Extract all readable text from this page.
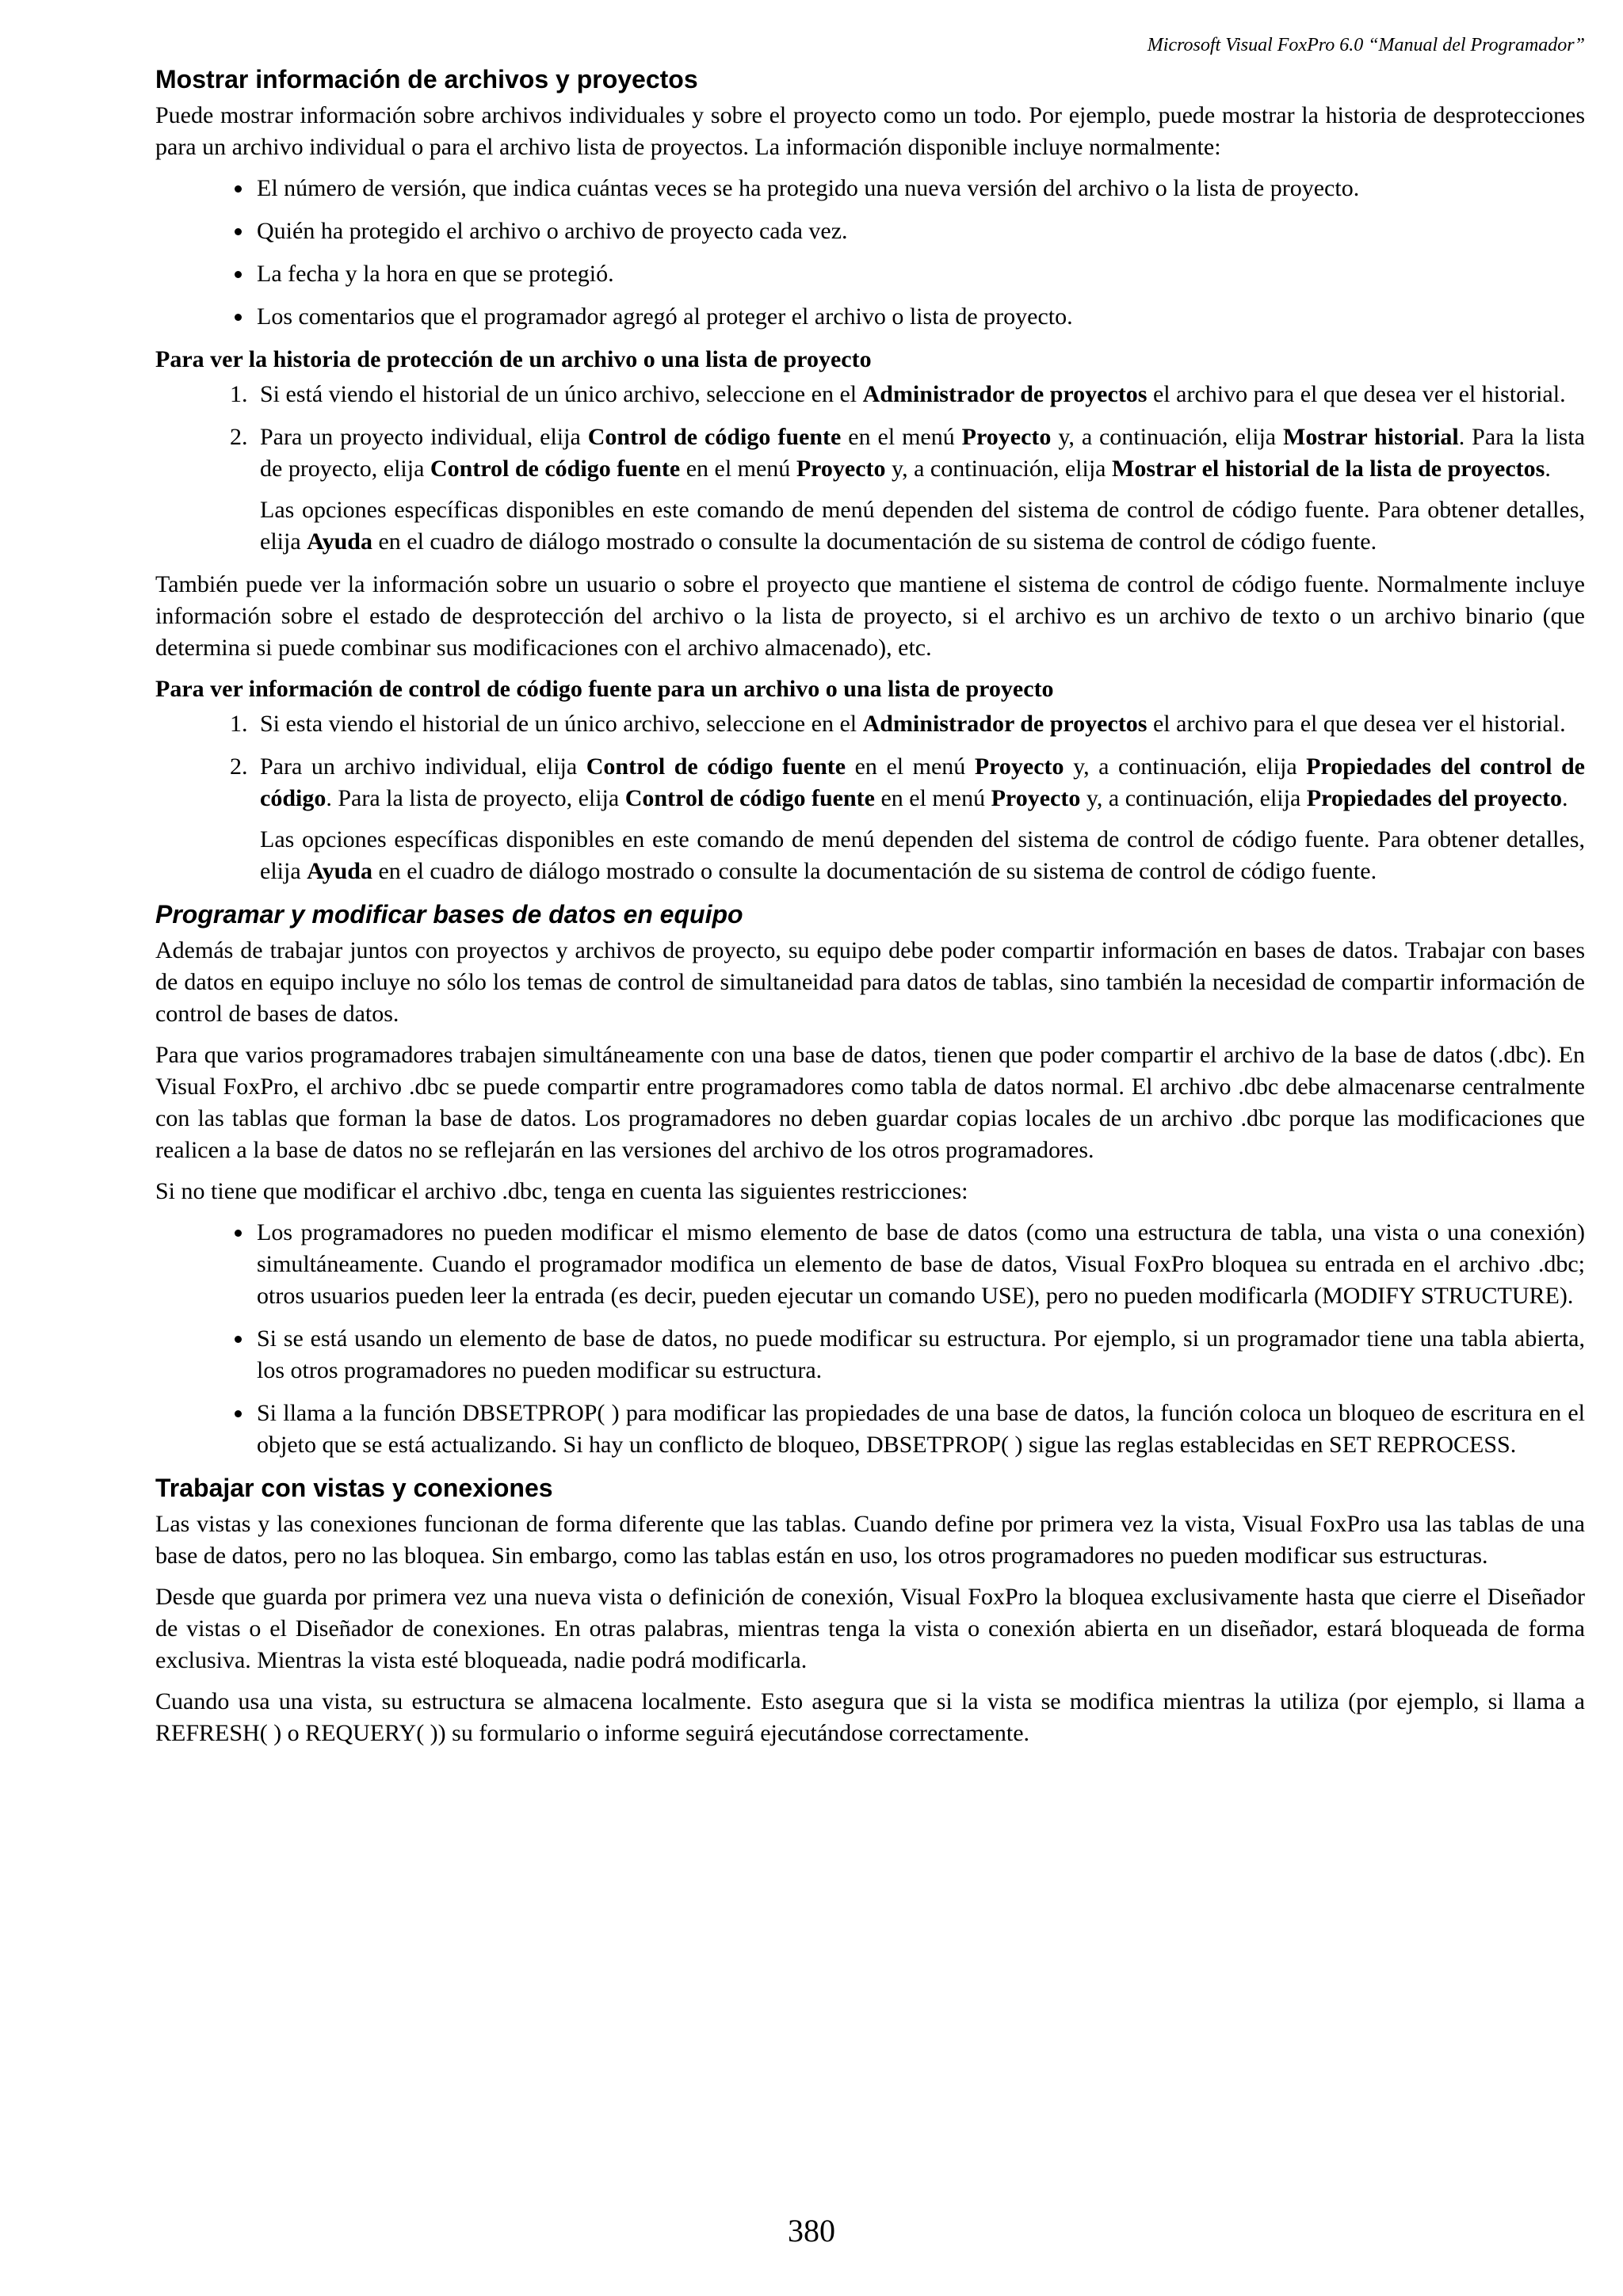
Microsoft Visual FoxPro 6.0 “Manual del Programador”
Mostrar información de archivos y proyectos

Puede mostrar información sobre archivos individuales y sobre el proyecto como un todo. Por ejemplo, puede mostrar la historia de desprotecciones para un archivo individual o para el archivo lista de proyectos. La información disponible incluye normalmente:

• El número de versión, que indica cuántas veces se ha protegido una nueva versión del archivo o la lista de proyecto.
• Quién ha protegido el archivo o archivo de proyecto cada vez.
• La fecha y la hora en que se protegió.
• Los comentarios que el programador agregó al proteger el archivo o lista de proyecto.
Para ver la historia de protección de un archivo o una lista de proyecto
1. Si está viendo el historial de un único archivo, seleccione en el Administrador de proyectos el archivo para el que desea ver el historial.
2. Para un proyecto individual, elija Control de código fuente en el menú Proyecto y, a continuación, elija Mostrar historial. Para la lista de proyecto, elija Control de código fuente en el menú Proyecto y, a continuación, elija Mostrar el historial de la lista de proyectos.
Las opciones específicas disponibles en este comando de menú dependen del sistema de control de código fuente. Para obtener detalles, elija Ayuda en el cuadro de diálogo mostrado o consulte la documentación de su sistema de control de código fuente.

También puede ver la información sobre un usuario o sobre el proyecto que mantiene el sistema de control de código fuente. Normalmente incluye información sobre el estado de desprotección del archivo o la lista de proyecto, si el archivo es un archivo de texto o un archivo binario (que determina si puede combinar sus modificaciones con el archivo almacenado), etc.

Para ver información de control de código fuente para un archivo o una lista de proyecto
1. Si esta viendo el historial de un único archivo, seleccione en el Administrador de proyectos el archivo para el que desea ver el historial.
2. Para un archivo individual, elija Control de código fuente en el menú Proyecto y, a continuación, elija Propiedades del control de código. Para la lista de proyecto, elija Control de código fuente en el menú Proyecto y, a continuación, elija Propiedades del proyecto.
Las opciones específicas disponibles en este comando de menú dependen del sistema de control de código fuente. Para obtener detalles, elija Ayuda en el cuadro de diálogo mostrado o consulte la documentación de su sistema de control de código fuente.
Programar y modificar bases de datos en equipo

Además de trabajar juntos con proyectos y archivos de proyecto, su equipo debe poder compartir información en bases de datos. Trabajar con bases de datos en equipo incluye no sólo los temas de control de simultaneidad para datos de tablas, sino también la necesidad de compartir información de control de bases de datos.

Para que varios programadores trabajen simultáneamente con una base de datos, tienen que poder compartir el archivo de la base de datos (.dbc). En Visual FoxPro, el archivo .dbc se puede compartir entre programadores como tabla de datos normal. El archivo .dbc debe almacenarse centralmente con las tablas que forman la base de datos. Los programadores no deben guardar copias locales de un archivo .dbc porque las modificaciones que realicen a la base de datos no se reflejarán en las versiones del archivo de los otros programadores.

Si no tiene que modificar el archivo .dbc, tenga en cuenta las siguientes restricciones:

• Los programadores no pueden modificar el mismo elemento de base de datos (como una estructura de tabla, una vista o una conexión) simultáneamente. Cuando el programador modifica un elemento de base de datos, Visual FoxPro bloquea su entrada en el archivo .dbc; otros usuarios pueden leer la entrada (es decir, pueden ejecutar un comando USE), pero no pueden modificarla (MODIFY STRUCTURE).
• Si se está usando un elemento de base de datos, no puede modificar su estructura. Por ejemplo, si un programador tiene una tabla abierta, los otros programadores no pueden modificar su estructura.
• Si llama a la función DBSETPROP( ) para modificar las propiedades de una base de datos, la función coloca un bloqueo de escritura en el objeto que se está actualizando. Si hay un conflicto de bloqueo, DBSETPROP( ) sigue las reglas establecidas en SET REPROCESS.
Trabajar con vistas y conexiones

Las vistas y las conexiones funcionan de forma diferente que las tablas. Cuando define por primera vez la vista, Visual FoxPro usa las tablas de una base de datos, pero no las bloquea. Sin embargo, como las tablas están en uso, los otros programadores no pueden modificar sus estructuras.

Desde que guarda por primera vez una nueva vista o definición de conexión, Visual FoxPro la bloquea exclusivamente hasta que cierre el Diseñador de vistas o el Diseñador de conexiones. En otras palabras, mientras tenga la vista o conexión abierta en un diseñador, estará bloqueada de forma exclusiva. Mientras la vista esté bloqueada, nadie podrá modificarla.

Cuando usa una vista, su estructura se almacena localmente. Esto asegura que si la vista se modifica mientras la utiliza (por ejemplo, si llama a REFRESH( ) o REQUERY( )) su formulario o informe seguirá ejecutándose correctamente.

380
